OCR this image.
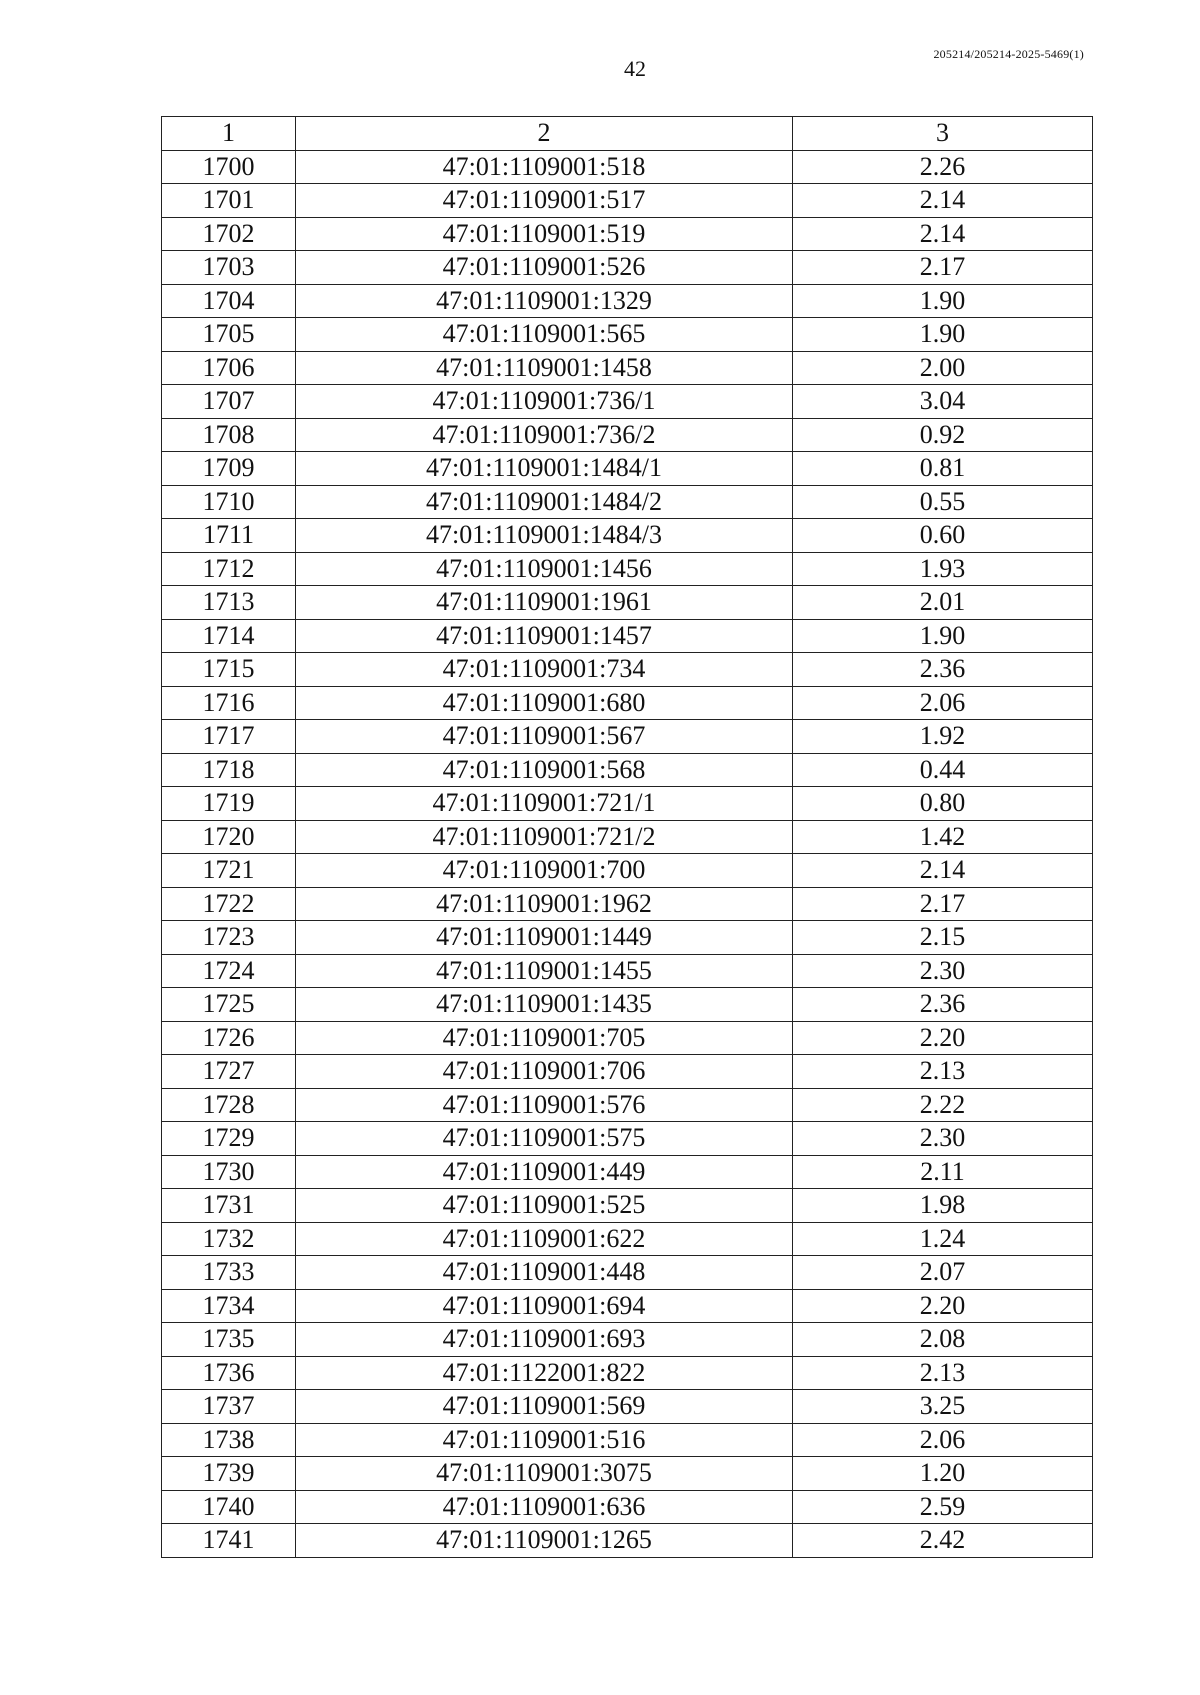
42
205214/205214-2025-5469(1)
1	2	3
1700	47:01:1109001:518	2.26
1701	47:01:1109001:517	2.14
1702	47:01:1109001:519	2.14
1703	47:01:1109001:526	2.17
1704	47:01:1109001:1329	1.90
1705	47:01:1109001:565	1.90
1706	47:01:1109001:1458	2.00
1707	47:01:1109001:736/1	3.04
1708	47:01:1109001:736/2	0.92
1709	47:01:1109001:1484/1	0.81
1710	47:01:1109001:1484/2	0.55
1711	47:01:1109001:1484/3	0.60
1712	47:01:1109001:1456	1.93
1713	47:01:1109001:1961	2.01
1714	47:01:1109001:1457	1.90
1715	47:01:1109001:734	2.36
1716	47:01:1109001:680	2.06
1717	47:01:1109001:567	1.92
1718	47:01:1109001:568	0.44
1719	47:01:1109001:721/1	0.80
1720	47:01:1109001:721/2	1.42
1721	47:01:1109001:700	2.14
1722	47:01:1109001:1962	2.17
1723	47:01:1109001:1449	2.15
1724	47:01:1109001:1455	2.30
1725	47:01:1109001:1435	2.36
1726	47:01:1109001:705	2.20
1727	47:01:1109001:706	2.13
1728	47:01:1109001:576	2.22
1729	47:01:1109001:575	2.30
1730	47:01:1109001:449	2.11
1731	47:01:1109001:525	1.98
1732	47:01:1109001:622	1.24
1733	47:01:1109001:448	2.07
1734	47:01:1109001:694	2.20
1735	47:01:1109001:693	2.08
1736	47:01:1122001:822	2.13
1737	47:01:1109001:569	3.25
1738	47:01:1109001:516	2.06
1739	47:01:1109001:3075	1.20
1740	47:01:1109001:636	2.59
1741	47:01:1109001:1265	2.42
